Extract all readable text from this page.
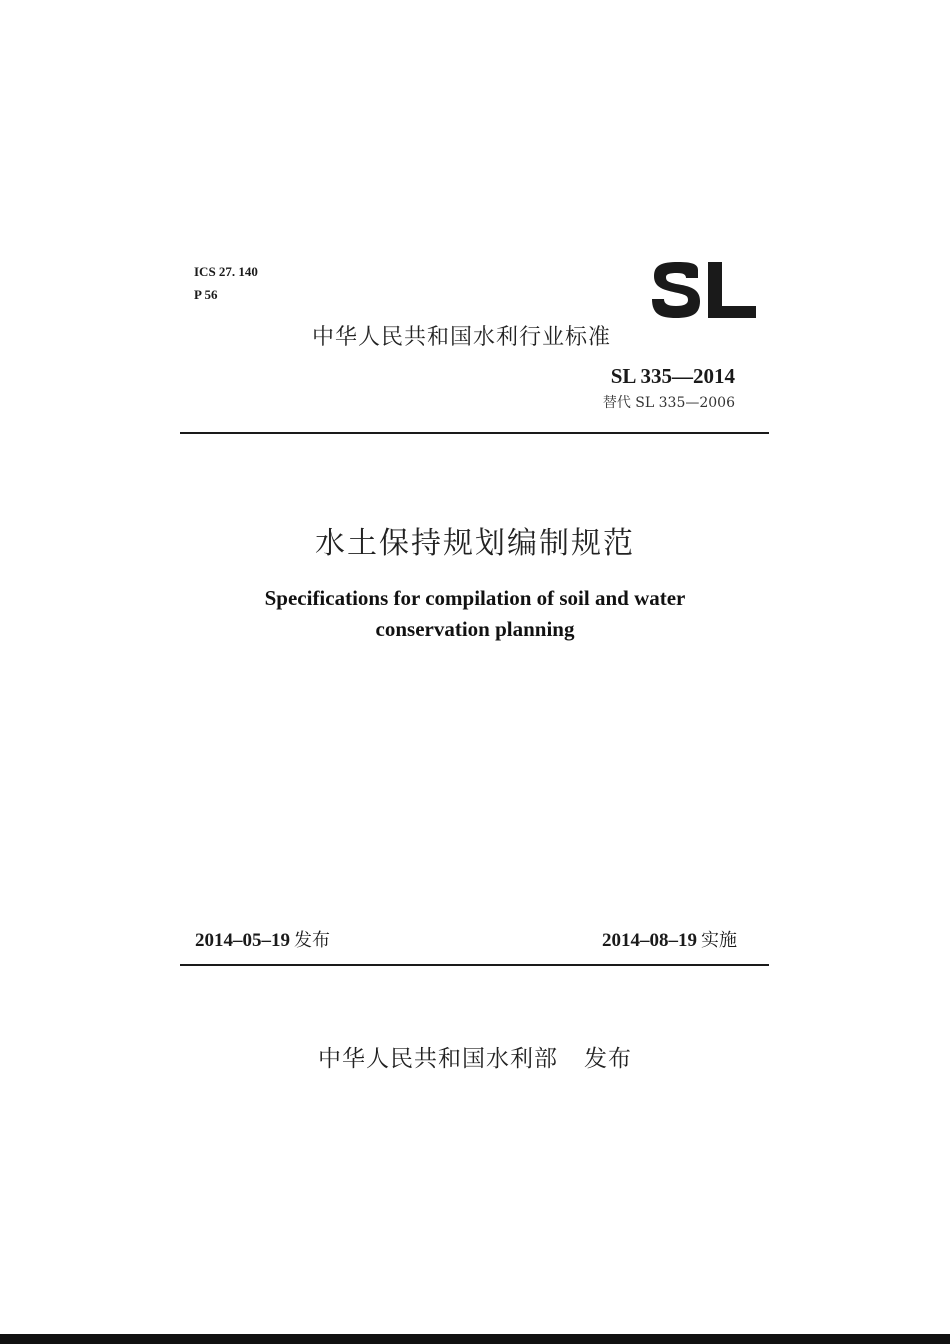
ICS 27. 140
P 56
中华人民共和国水利行业标准
SL 335—2014
替代 SL 335—2006
水土保持规划编制规范
Specifications for compilation of soil and water
conservation planning
2014–05–19 发布	2014–08–19 实施
中华人民共和国水利部 发布
